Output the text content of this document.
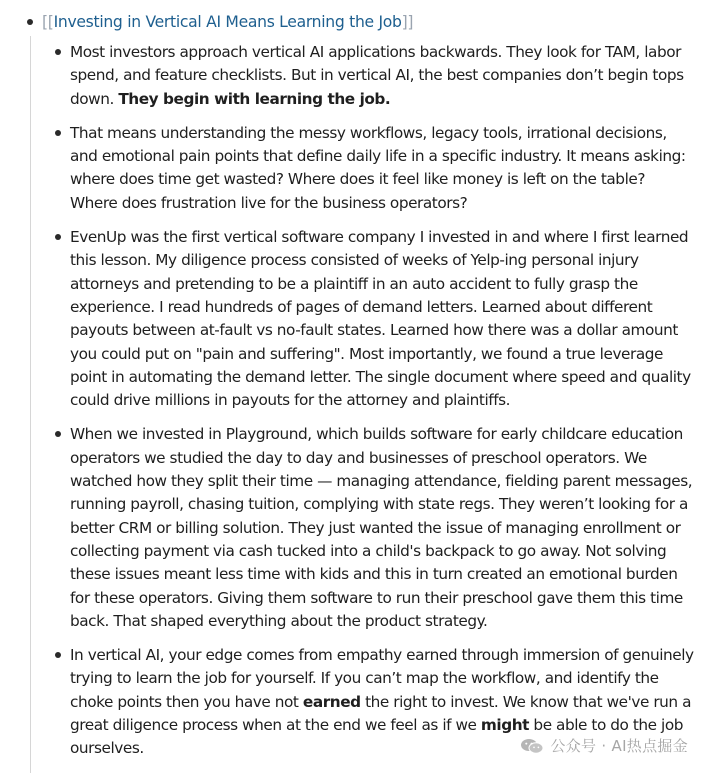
[[Investing in Vertical AI Means Learning the Job]]
Most investors approach vertical AI applications backwards. They look for TAM, labor
spend, and feature checklists. But in vertical AI, the best companies don’t begin tops
down. They begin with learning the job.
That means understanding the messy workflows, legacy tools, irrational decisions,
and emotional pain points that define daily life in a specific industry. It means asking:
where does time get wasted? Where does it feel like money is left on the table?
Where does frustration live for the business operators?
EvenUp was the first vertical software company I invested in and where I first learned
this lesson. My diligence process consisted of weeks of Yelp-ing personal injury
attorneys and pretending to be a plaintiff in an auto accident to fully grasp the
experience. I read hundreds of pages of demand letters. Learned about different
payouts between at-fault vs no-fault states. Learned how there was a dollar amount
you could put on "pain and suffering". Most importantly, we found a true leverage
point in automating the demand letter. The single document where speed and quality
could drive millions in payouts for the attorney and plaintiffs.
When we invested in Playground, which builds software for early childcare education
operators we studied the day to day and businesses of preschool operators. We
watched how they split their time — managing attendance, fielding parent messages,
running payroll, chasing tuition, complying with state regs. They weren’t looking for a
better CRM or billing solution. They just wanted the issue of managing enrollment or
collecting payment via cash tucked into a child's backpack to go away. Not solving
these issues meant less time with kids and this in turn created an emotional burden
for these operators. Giving them software to run their preschool gave them this time
back. That shaped everything about the product strategy.
In vertical AI, your edge comes from empathy earned through immersion of genuinely
trying to learn the job for yourself. If you can’t map the workflow, and identify the
choke points then you have not earned the right to invest. We know that we've run a
great diligence process when at the end we feel as if we might be able to do the job
ourselves.	公众号 · AI热点掘金
